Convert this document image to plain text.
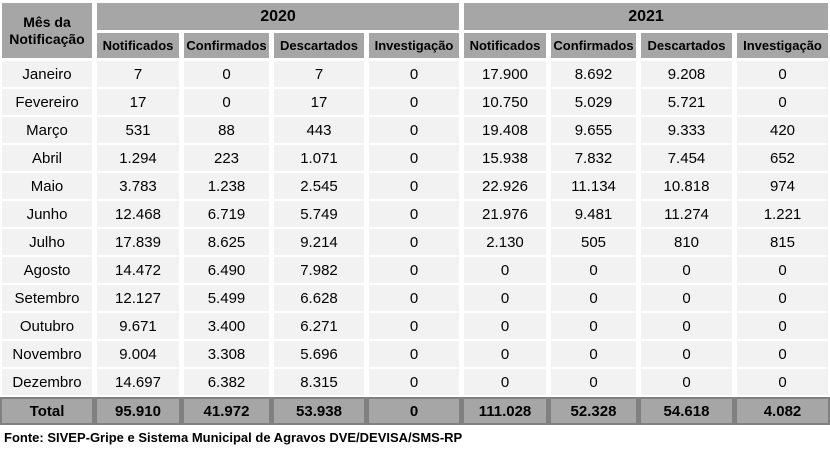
Mês da Notificação
2020	2021
Notificados	Confirmados	Descartados	Investigação	Notificados	Confirmados	Descartados	Investigação
Janeiro	7	0	7	0	17.900	8.692	9.208	0
Fevereiro	17	0	17	0	10.750	5.029	5.721	0
Março	531	88	443	0	19.408	9.655	9.333	420
Abril	1.294	223	1.071	0	15.938	7.832	7.454	652
Maio	3.783	1.238	2.545	0	22.926	11.134	10.818	974
Junho	12.468	6.719	5.749	0	21.976	9.481	11.274	1.221
Julho	17.839	8.625	9.214	0	2.130	505	810	815
Agosto	14.472	6.490	7.982	0	0	0	0	0
Setembro	12.127	5.499	6.628	0	0	0	0	0
Outubro	9.671	3.400	6.271	0	0	0	0	0
Novembro	9.004	3.308	5.696	0	0	0	0	0
Dezembro	14.697	6.382	8.315	0	0	0	0	0
Total	95.910	41.972	53.938	0	111.028	52.328	54.618	4.082
Fonte: SIVEP-Gripe e Sistema Municipal de Agravos DVE/DEVISA/SMS-RP
